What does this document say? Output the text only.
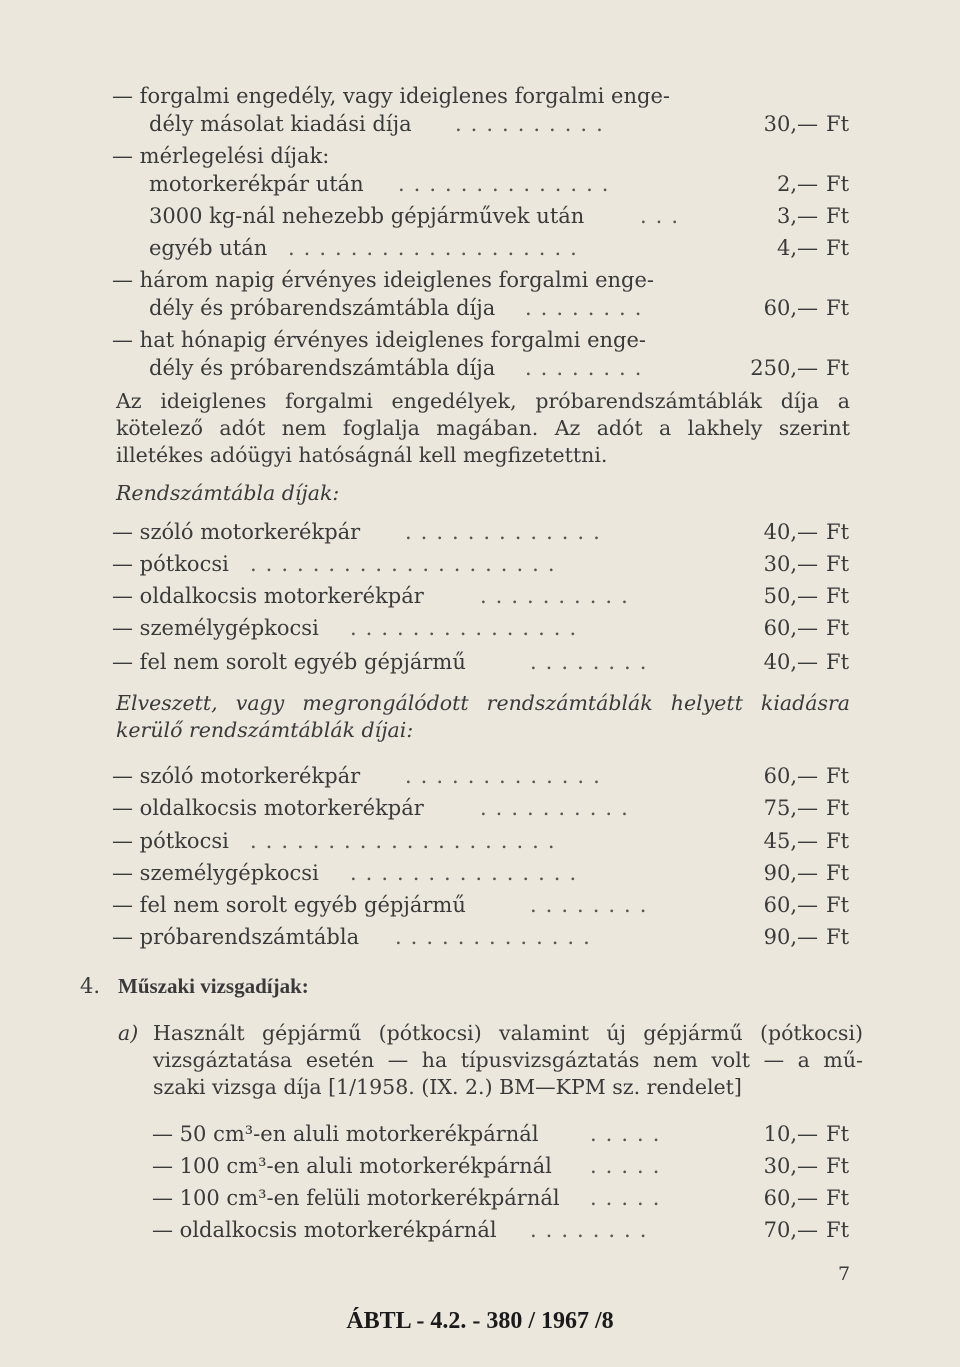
— forgalmi engedély, vagy ideiglenes forgalmi enge-
dély másolat kiadási díja ..........	30,— Ft
— mérlegelési díjak:
motorkerékpár után ..............	2,— Ft
3000 kg-nál nehezebb gépjárművek után	...	3,— Ft
egyéb után ...................	4,— Ft
— három napig érvényes ideiglenes forgalmi enge-
dély és próbarendszámtábla díja ........	60,— Ft
— hat hónapig érvényes ideiglenes forgalmi enge-
dély és próbarendszámtábla díja ........	250,— Ft
Az ideiglenes forgalmi engedélyek, próbarendszámtáblák díja a
kötelező adót nem foglalja magában. Az adót a lakhely szerint
illetékes adóügyi hatóságnál kell megfizetettni.
Rendszámtábla díjak:
— szóló motorkerékpár .............	40,— Ft
— pótkocsi ....................	30,— Ft
— oldalkocsis motorkerékpár	..........	50,— Ft
— személygépkocsi ...............	60,— Ft
— fel nem sorolt egyéb gépjármű	........	40,— Ft
Elveszett, vagy megrongálódott rendszámtáblák helyett kiadásra
kerülő rendszámtáblák díjai:
— szóló motorkerékpár .............	60,— Ft
— oldalkocsis motorkerékpár	..........	75,— Ft
— pótkocsi ....................	45,— Ft
— személygépkocsi ...............	90,— Ft
— fel nem sorolt egyéb gépjármű	........	60,— Ft
— próbarendszámtábla .............	90,— Ft
4. Műszaki vizsgadíjak:
a) Használt gépjármű (pótkocsi) valamint új gépjármű (pótkocsi)
vizsgáztatása esetén — ha típusvizsgáztatás nem volt — a mű-
szaki vizsga díja [1/1958. (IX. 2.) BM—KPM sz. rendelet]
— 50 cm³-en aluli motorkerékpárnál .....	10,— Ft
— 100 cm³-en aluli motorkerékpárnál .....	30,— Ft
— 100 cm³-en felüli motorkerékpárnál .....	60,— Ft
— oldalkocsis motorkerékpárnál ........	70,— Ft
7
ÁBTL - 4.2. - 380 / 1967 /8
